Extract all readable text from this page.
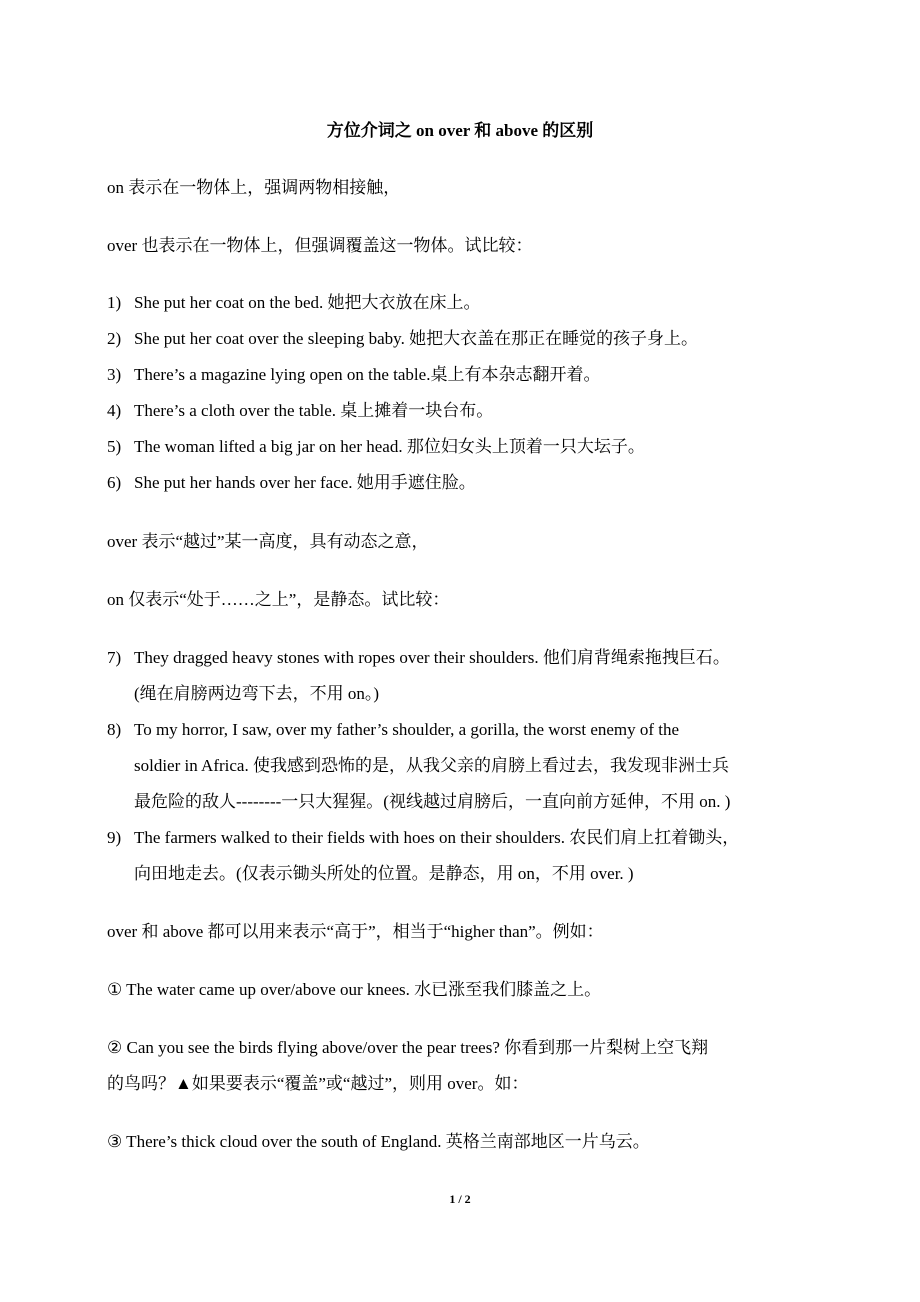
方位介词之 on over 和 above 的区别
on 表示在一物体上，强调两物相接触，
over 也表示在一物体上，但强调覆盖这一物体。试比较：
1) She put her coat on the bed. 她把大衣放在床上。
2) She put her coat over the sleeping baby. 她把大衣盖在那正在睡觉的孩子身上。
3) There’s a magazine lying open on the table.桌上有本杂志翻开着。
4) There’s a cloth over the table. 桌上摊着一块台布。
5) The woman lifted a big jar on her head. 那位妇女头上顶着一只大坛子。
6) She put her hands over her face. 她用手遮住脸。
over 表示“越过”某一高度，具有动态之意，
on 仅表示“处于……之上”，是静态。试比较：
7) They dragged heavy stones with ropes over their shoulders. 他们肩背绳索拖拽巨石。
(绳在肩膀两边弯下去，不用 on。)
8) To my horror, I saw, over my father’s shoulder, a gorilla, the worst enemy of the
soldier in Africa. 使我感到恐怖的是，从我父亲的肩膀上看过去，我发现非洲士兵
最危险的敌人--------一只大猩猩。(视线越过肩膀后，一直向前方延伸，不用 on. )
9) The farmers walked to their fields with hoes on their shoulders. 农民们肩上扛着锄头，
向田地走去。(仅表示锄头所处的位置。是静态，用 on，不用 over. )
over 和 above 都可以用来表示“高于”，相当于“higher than”。例如：
① The water came up over/above our knees. 水已涨至我们膝盖之上。
② Can you see the birds flying above/over the pear trees? 你看到那一片梨树上空飞翔
的鸟吗？▲如果要表示“覆盖”或“越过”，则用 over。如：
③ There’s thick cloud over the south of England. 英格兰南部地区一片乌云。
1 / 2
